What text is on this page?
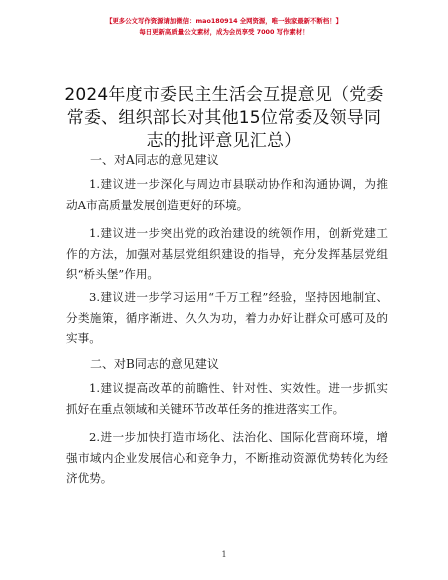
【更多公文写作资源请加微信：mao180914 全网资源，唯一独家最新不断档！】
每日更新高质量公文素材，成为会员享受 7000 写作素材！
2024年度市委民主生活会互提意见（党委常委、组织部长对其他15位常委及领导同志的批评意见汇总）
一、对A同志的意见建议
1.建议进一步深化与周边市县联动协作和沟通协调，为推动A市高质量发展创造更好的环境。
1.建议进一步突出党的政治建设的统领作用，创新党建工作的方法，加强对基层党组织建设的指导，充分发挥基层党组织“桥头堡”作用。
3.建议进一步学习运用“千万工程”经验，坚持因地制宜、分类施策，循序渐进、久久为功，着力办好让群众可感可及的实事。
二、对B同志的意见建议
1.建议提高改革的前瞻性、针对性、实效性。进一步抓实抓好在重点领域和关键环节改革任务的推进落实工作。
2.进一步加快打造市场化、法治化、国际化营商环境，增强市域内企业发展信心和竞争力，不断推动资源优势转化为经济优势。
1
